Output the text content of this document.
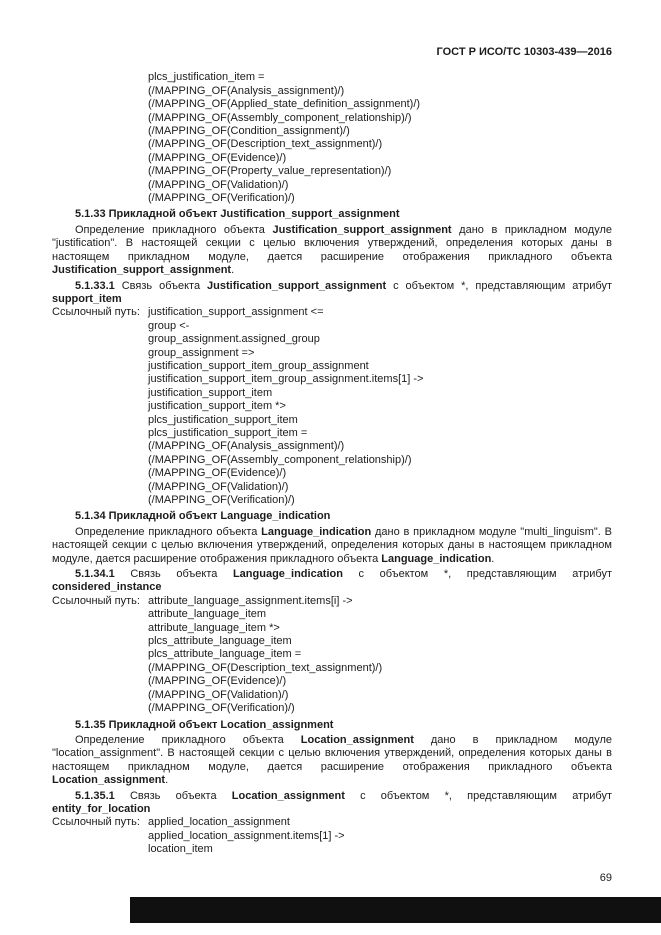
ГОСТ Р ИСО/ТС 10303-439—2016
plcs_justification_item =
(/MAPPING_OF(Analysis_assignment)/)
(/MAPPING_OF(Applied_state_definition_assignment)/)
(/MAPPING_OF(Assembly_component_relationship)/)
(/MAPPING_OF(Condition_assignment)/)
(/MAPPING_OF(Description_text_assignment)/)
(/MAPPING_OF(Evidence)/)
(/MAPPING_OF(Property_value_representation)/)
(/MAPPING_OF(Validation)/)
(/MAPPING_OF(Verification)/)

5.1.33 Прикладной объект Justification_support_assignment

Определение прикладного объекта Justification_support_assignment дано в прикладном модуле "justification". В настоящей секции с целью включения утверждений, определения которых даны в настоящем прикладном модуле, дается расширение отображения прикладного объекта Justification_support_assignment.

5.1.33.1 Связь объекта Justification_support_assignment с объектом *, представляющим атрибут support_item

Ссылочный путь: justification_support_assignment <=
group <-
group_assignment.assigned_group
group_assignment =>
justification_support_item_group_assignment
justification_support_item_group_assignment.items[1] ->
justification_support_item
justification_support_item *>
plcs_justification_support_item
plcs_justification_support_item =
(/MAPPING_OF(Analysis_assignment)/)
(/MAPPING_OF(Assembly_component_relationship)/)
(/MAPPING_OF(Evidence)/)
(/MAPPING_OF(Validation)/)
(/MAPPING_OF(Verification)/)

5.1.34 Прикладной объект Language_indication

Определение прикладного объекта Language_indication дано в прикладном модуле "multi_linguism". В настоящей секции с целью включения утверждений, определения которых даны в настоящем прикладном модуле, дается расширение отображения прикладного объекта Language_indication.

5.1.34.1 Связь объекта Language_indication с объектом *, представляющим атрибут considered_instance

Ссылочный путь: attribute_language_assignment.items[i] ->
attribute_language_item
attribute_language_item *>
plcs_attribute_language_item
plcs_attribute_language_item =
(/MAPPING_OF(Description_text_assignment)/)
(/MAPPING_OF(Evidence)/)
(/MAPPING_OF(Validation)/)
(/MAPPING_OF(Verification)/)

5.1.35 Прикладной объект Location_assignment

Определение прикладного объекта Location_assignment дано в прикладном модуле "location_assignment". В настоящей секции с целью включения утверждений, определения которых даны в настоящем прикладном модуле, дается расширение отображения прикладного объекта Location_assignment.

5.1.35.1 Связь объекта Location_assignment с объектом *, представляющим атрибут entity_for_location

Ссылочный путь: applied_location_assignment
applied_location_assignment.items[1] ->
location_item
69
